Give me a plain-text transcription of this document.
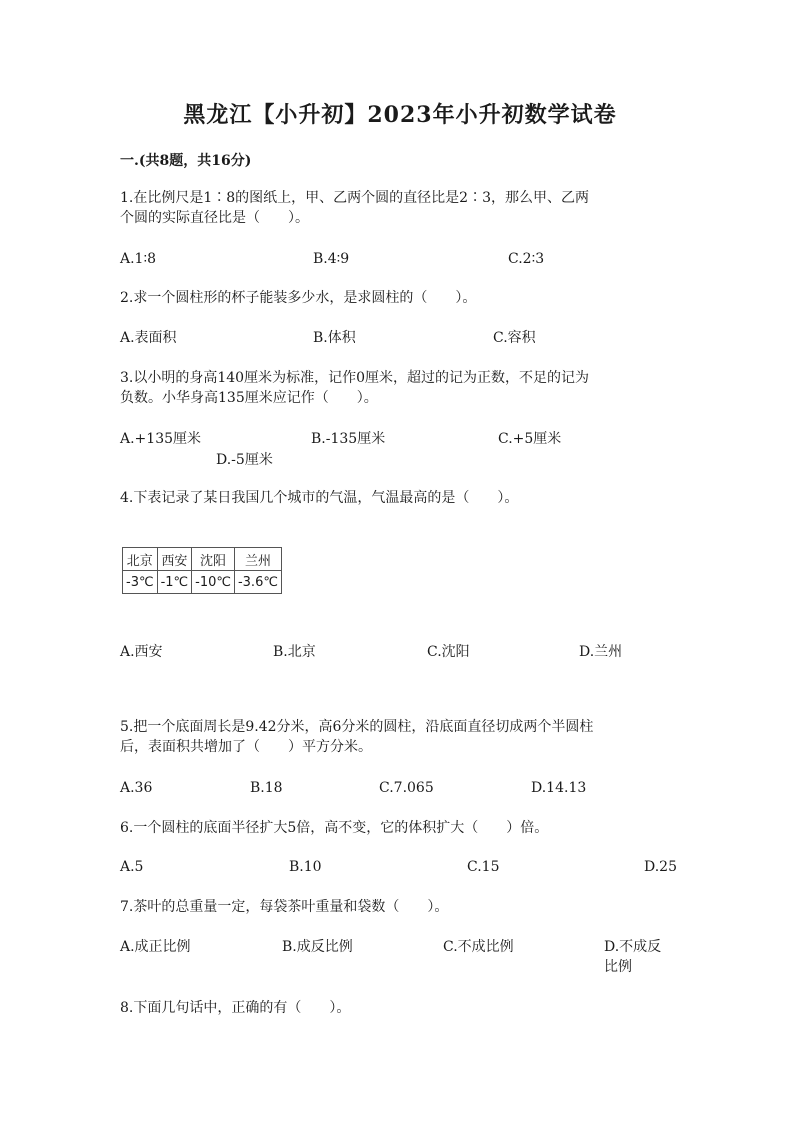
黑龙江【小升初】2023年小升初数学试卷
一.(共8题，共16分)
1.在比例尺是1∶8的图纸上，甲、乙两个圆的直径比是2∶3，那么甲、乙两
个圆的实际直径比是（　　）。
A.1∶8	B.4∶9	C.2∶3
2.求一个圆柱形的杯子能装多少水，是求圆柱的（　　）。
A.表面积	B.体积	C.容积
3.以小明的身高140厘米为标准，记作0厘米，超过的记为正数，不足的记为
负数。小华身高135厘米应记作（　　）。
A.+135厘米	B.-135厘米	C.+5厘米
D.-5厘米
4.下表记录了某日我国几个城市的气温，气温最高的是（　　）。
北京	西安	沈阳	兰州
-3℃	-1℃	-10℃	-3.6℃
A.西安	B.北京	C.沈阳	D.兰州
5.把一个底面周长是9.42分米，高6分米的圆柱，沿底面直径切成两个半圆柱
后，表面积共增加了（　　）平方分米。
A.36	B.18	C.7.065	D.14.13
6.一个圆柱的底面半径扩大5倍，高不变，它的体积扩大（　　）倍。
A.5	B.10	C.15	D.25
7.茶叶的总重量一定，每袋茶叶重量和袋数（　　）。
A.成正比例	B.成反比例	C.不成比例	D.不成反比例
8.下面几句话中，正确的有（　　）。
